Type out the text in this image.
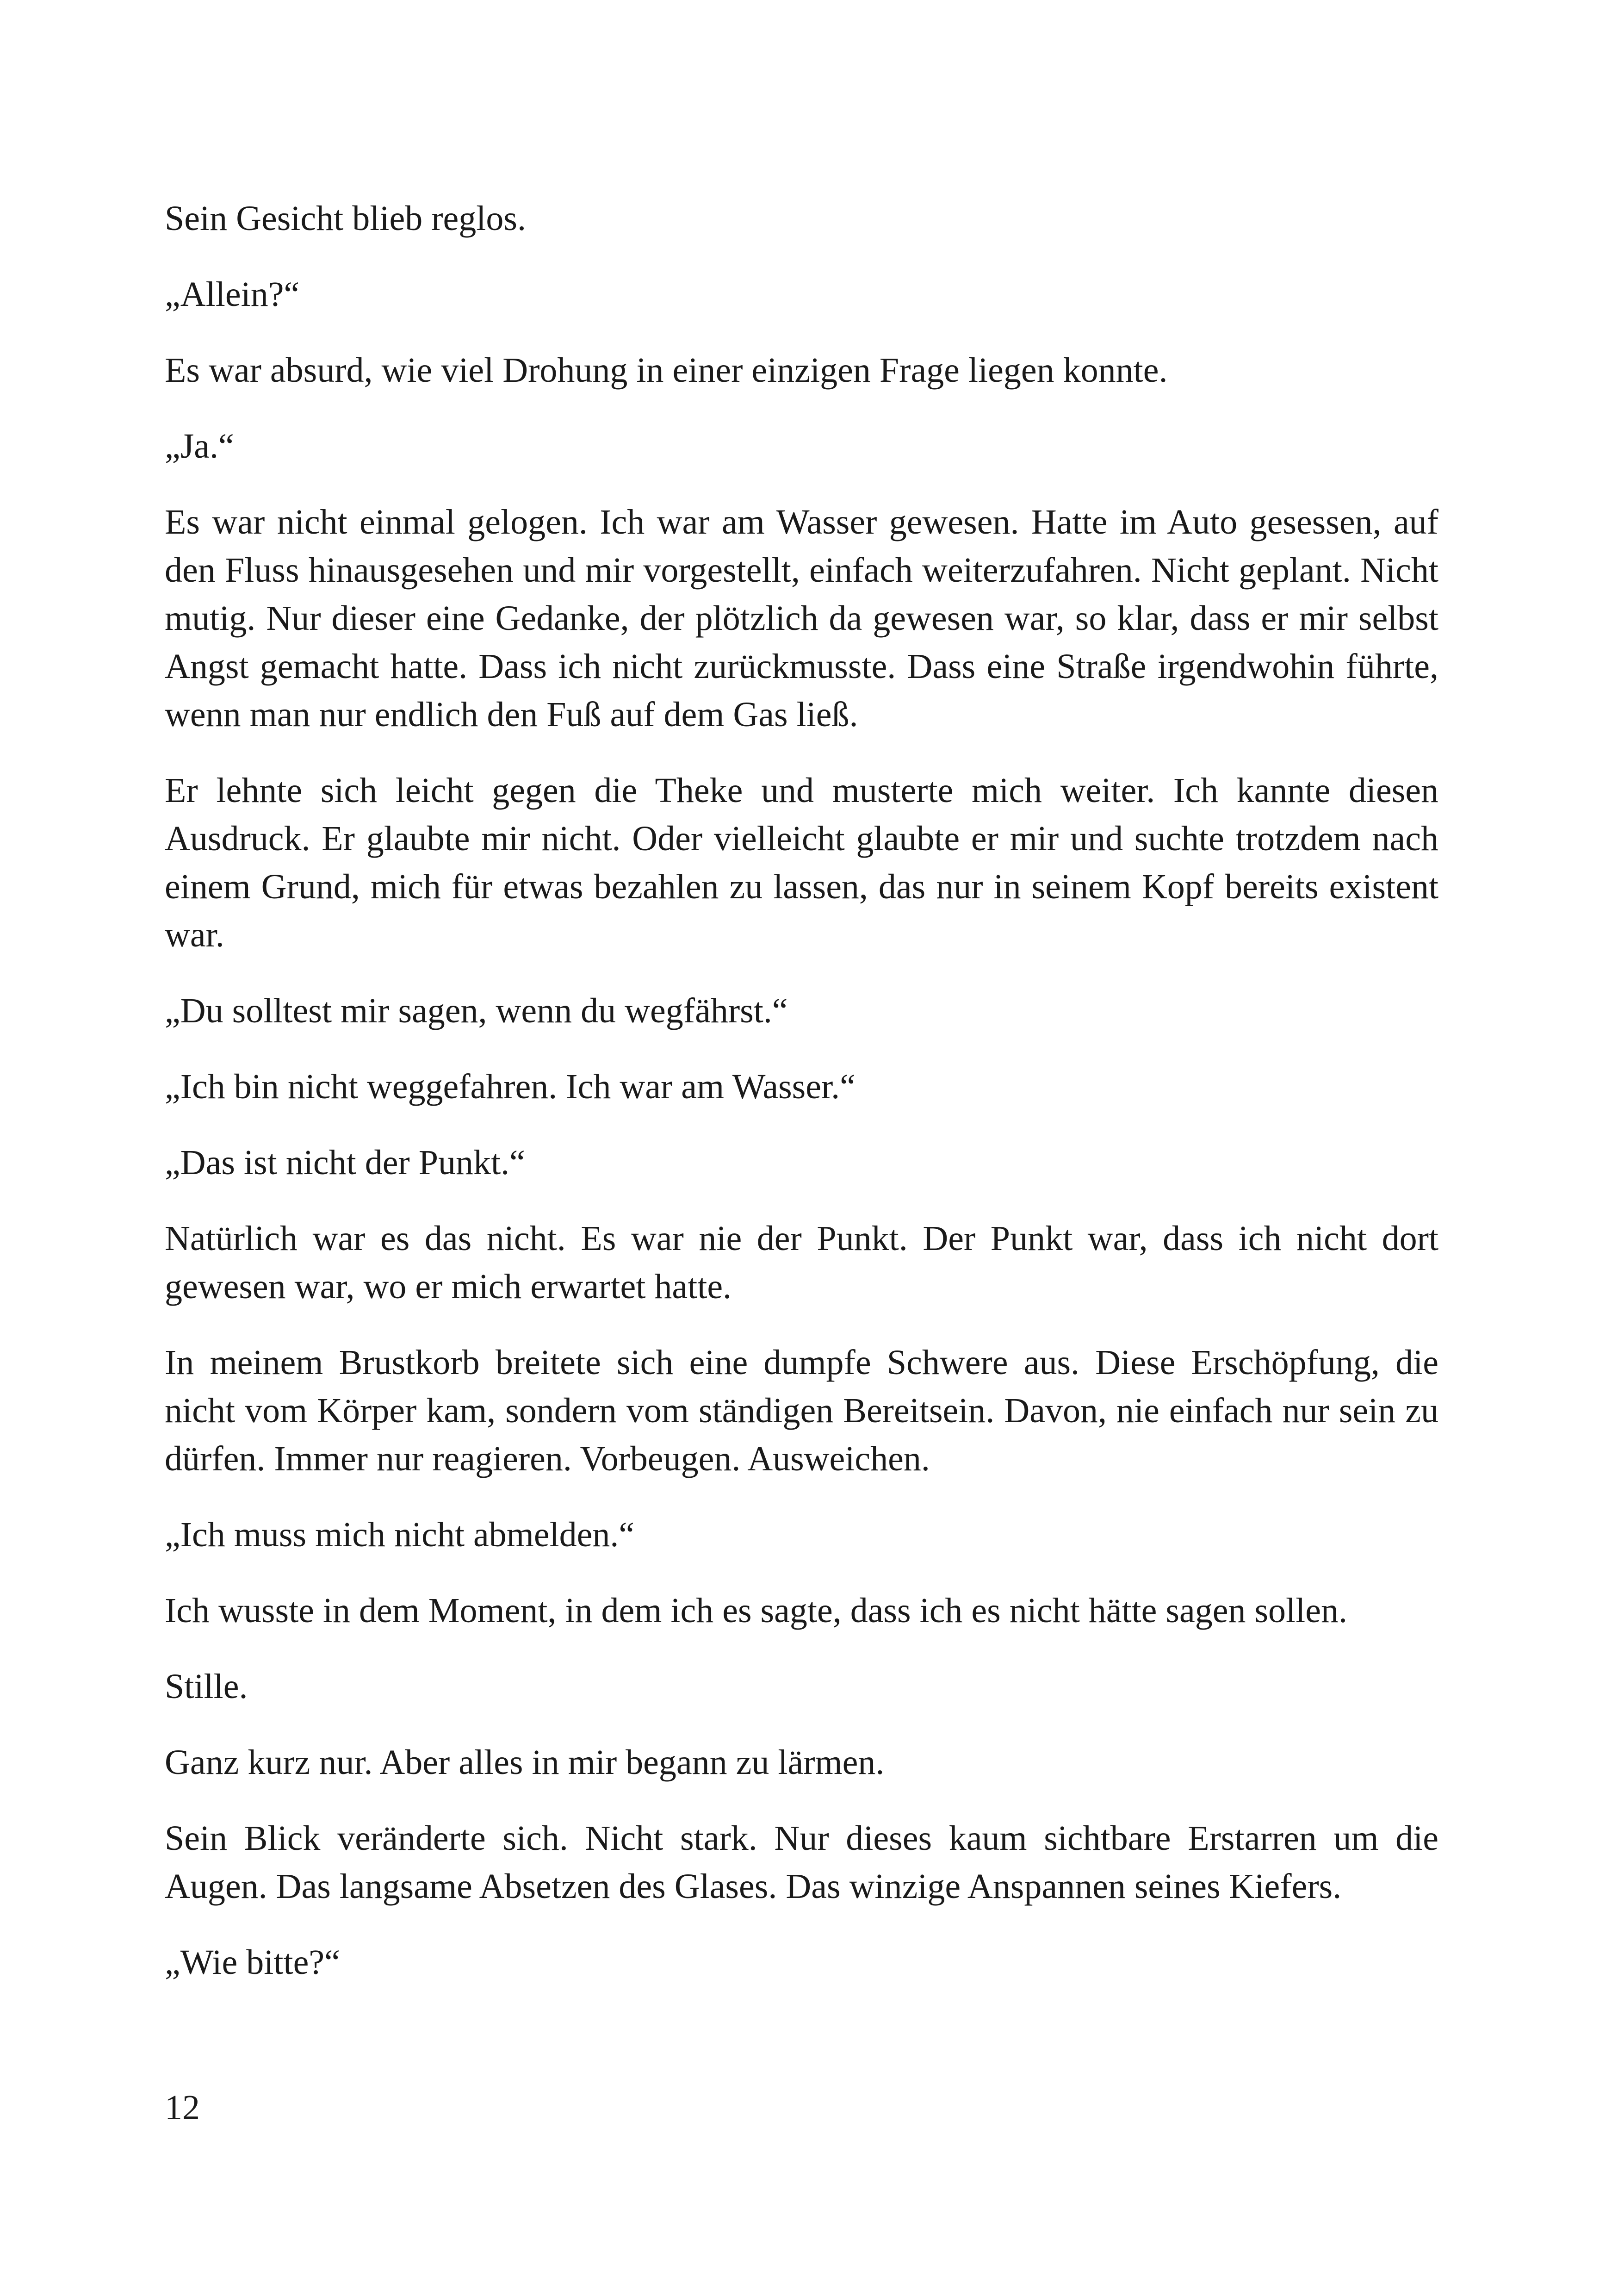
Sein Gesicht blieb reglos.

„Allein?“

Es war absurd, wie viel Drohung in einer einzigen Frage liegen konnte.

„Ja.“

Es war nicht einmal gelogen. Ich war am Wasser gewesen. Hatte im Auto gesessen, auf den Fluss hinausgesehen und mir vorgestellt, einfach weiterzufahren. Nicht geplant. Nicht mutig. Nur dieser eine Gedanke, der plötzlich da gewesen war, so klar, dass er mir selbst Angst gemacht hatte. Dass ich nicht zurückmusste. Dass eine Straße irgendwohin führte, wenn man nur endlich den Fuß auf dem Gas ließ.

Er lehnte sich leicht gegen die Theke und musterte mich weiter. Ich kannte diesen Ausdruck. Er glaubte mir nicht. Oder vielleicht glaubte er mir und suchte trotzdem nach einem Grund, mich für etwas bezahlen zu lassen, das nur in seinem Kopf bereits existent war.

„Du solltest mir sagen, wenn du wegfährst.“

„Ich bin nicht weggefahren. Ich war am Wasser.“

„Das ist nicht der Punkt.“

Natürlich war es das nicht. Es war nie der Punkt. Der Punkt war, dass ich nicht dort gewesen war, wo er mich erwartet hatte.

In meinem Brustkorb breitete sich eine dumpfe Schwere aus. Diese Erschöpfung, die nicht vom Körper kam, sondern vom ständigen Bereitsein. Davon, nie einfach nur sein zu dürfen. Immer nur reagieren. Vorbeugen. Ausweichen.

„Ich muss mich nicht abmelden.“

Ich wusste in dem Moment, in dem ich es sagte, dass ich es nicht hätte sagen sollen.

Stille.

Ganz kurz nur. Aber alles in mir begann zu lärmen.

Sein Blick veränderte sich. Nicht stark. Nur dieses kaum sichtbare Erstarren um die Augen. Das langsame Absetzen des Glases. Das winzige Anspannen seines Kiefers.

„Wie bitte?“

12
